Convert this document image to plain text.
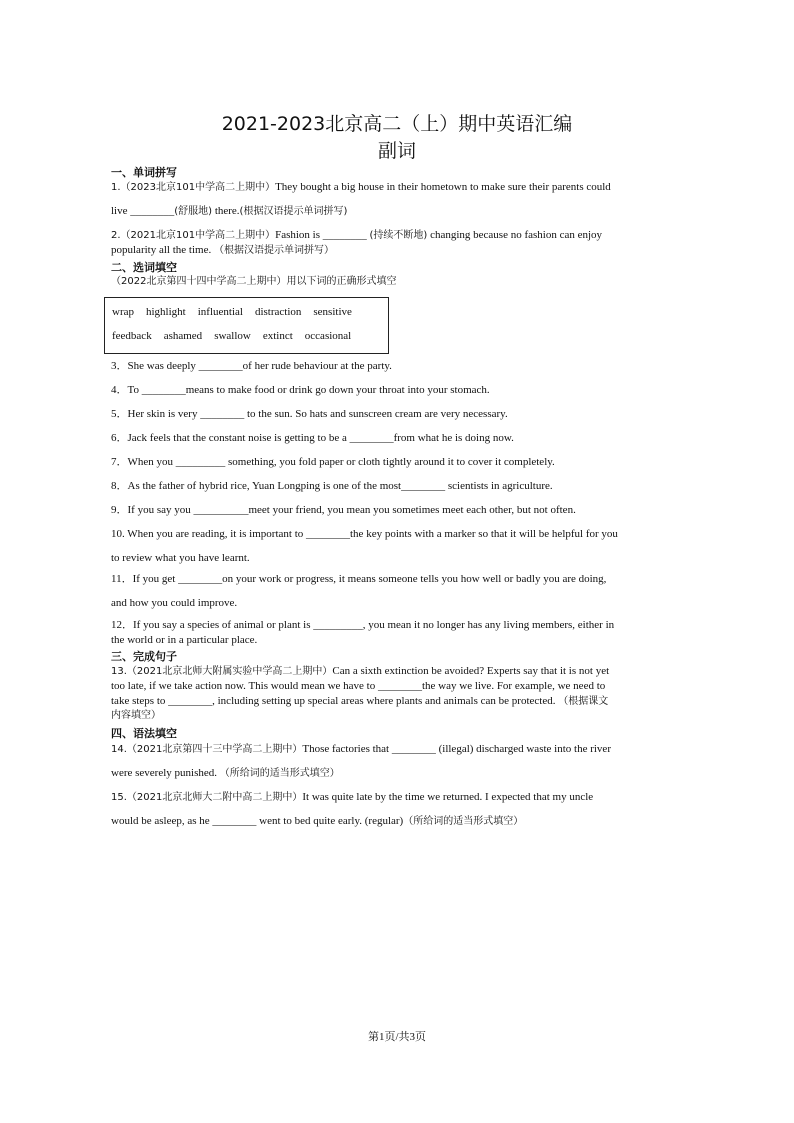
2021-2023北京高二（上）期中英语汇编
副词
一、单词拼写
1.（2023北京101中学高二上期中）They bought a big house in their hometown to make sure their parents could
live ________(舒服地) there.(根据汉语提示单词拼写)
2.（2021北京101中学高二上期中）Fashion is ________ (持续不断地) changing because no fashion can enjoy
popularity all the time. （根据汉语提示单词拼写）
二、选词填空
（2022北京第四十四中学高二上期中）用以下词的正确形式填空
wrap highlight influential distraction sensitive
feedback ashamed swallow extinct occasional
3．She was deeply ________of her rude behaviour at the party.
4．To ________means to make food or drink go down your throat into your stomach.
5．Her skin is very ________ to the sun. So hats and sunscreen cream are very necessary.
6．Jack feels that the constant noise is getting to be a ________from what he is doing now.
7．When you _________ something, you fold paper or cloth tightly around it to cover it completely.
8．As the father of hybrid rice, Yuan Longping is one of the most________ scientists in agriculture.
9．If you say you __________meet your friend, you mean you sometimes meet each other, but not often.
10. When you are reading, it is important to ________the key points with a marker so that it will be helpful for you
to review what you have learnt.
11．If you get ________on your work or progress, it means someone tells you how well or badly you are doing,
and how you could improve.
12．If you say a species of animal or plant is _________, you mean it no longer has any living members, either in
the world or in a particular place.
三、完成句子
13.（2021北京北师大附属实验中学高二上期中）Can a sixth extinction be avoided? Experts say that it is not yet
too late, if we take action now. This would mean we have to ________the way we live. For example, we need to
take steps to ________, including setting up special areas where plants and animals can be protected. （根据课文
内容填空）
四、语法填空
14.（2021北京第四十三中学高二上期中）Those factories that ________ (illegal) discharged waste into the river
were severely punished. （所给词的适当形式填空）
15.（2021北京北师大二附中高二上期中）It was quite late by the time we returned. I expected that my uncle
would be asleep, as he ________ went to bed quite early. (regular)（所给词的适当形式填空）
第1页/共3页
